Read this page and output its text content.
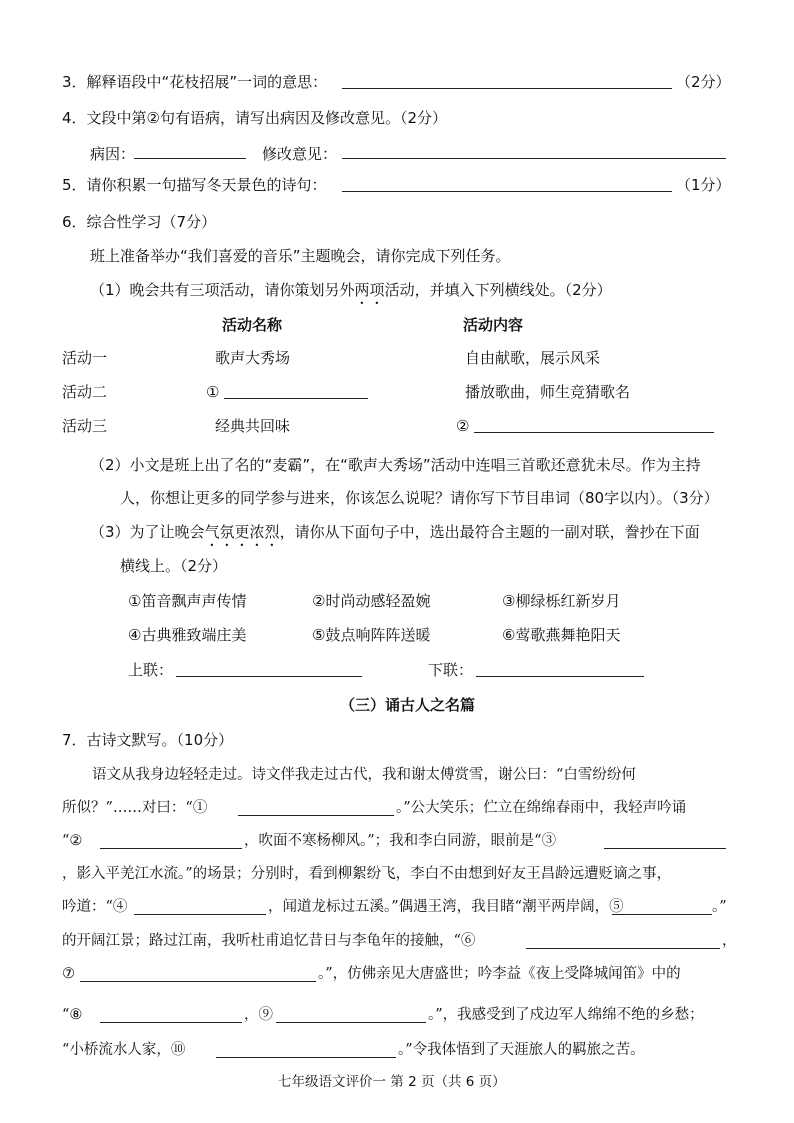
3．解释语段中“花枝招展”一词的意思：	（2分）
4．文段中第②句有语病，请写出病因及修改意见。（2分）
病因：	修改意见：
5．请你积累一句描写冬天景色的诗句：	（1分）
6．综合性学习（7分）
班上准备举办“我们喜爱的音乐”主题晚会，请你完成下列任务。
（1）晚会共有三项活动，请你策划另外两项活动，并填入下列横线处。（2分）
活动名称	活动内容
活动一	歌声大秀场	自由献歌，展示风采
活动二	①	播放歌曲，师生竞猜歌名
活动三	经典共回味	②
（2）小文是班上出了名的“麦霸”，在“歌声大秀场”活动中连唱三首歌还意犹未尽。作为主持
人，你想让更多的同学参与进来，你该怎么说呢？请你写下节目串词（80字以内）。（3分）
（3）为了让晚会气氛更浓烈，请你从下面句子中，选出最符合主题的一副对联，誊抄在下面
横线上。（2分）
①笛音飘声声传情	②时尚动感轻盈婉	③柳绿栎红新岁月
④古典雅致端庄美	⑤鼓点响阵阵送暖	⑥莺歌燕舞艳阳天
上联：	下联：
（三）诵古人之名篇
7．古诗文默写。（10分）
语文从我身边轻轻走过。诗文伴我走过古代，我和谢太傅赏雪，谢公曰：“白雪纷纷何
所似？”……对曰：“①	。”公大笑乐；伫立在绵绵春雨中，我轻声吟诵
“②	，吹面不寒杨柳风。”；我和李白同游，眼前是“③
，影入平羌江水流。”的场景；分别时，看到柳絮纷飞，李白不由想到好友王昌龄远遭贬谪之事，
吟道：“④	，闻道龙标过五溪。”偶遇王湾，我目睹“潮平两岸阔，⑤	。”
的开阔江景；路过江南，我听杜甫追忆昔日与李龟年的接触，“⑥	，
⑦	。”，仿佛亲见大唐盛世；吟李益《夜上受降城闻笛》中的
“⑧	，⑨	。”，我感受到了戍边军人绵绵不绝的乡愁；
“小桥流水人家，⑩	。”令我体悟到了天涯旅人的羁旅之苦。
七年级语文评价一 第 2 页（共 6 页）
